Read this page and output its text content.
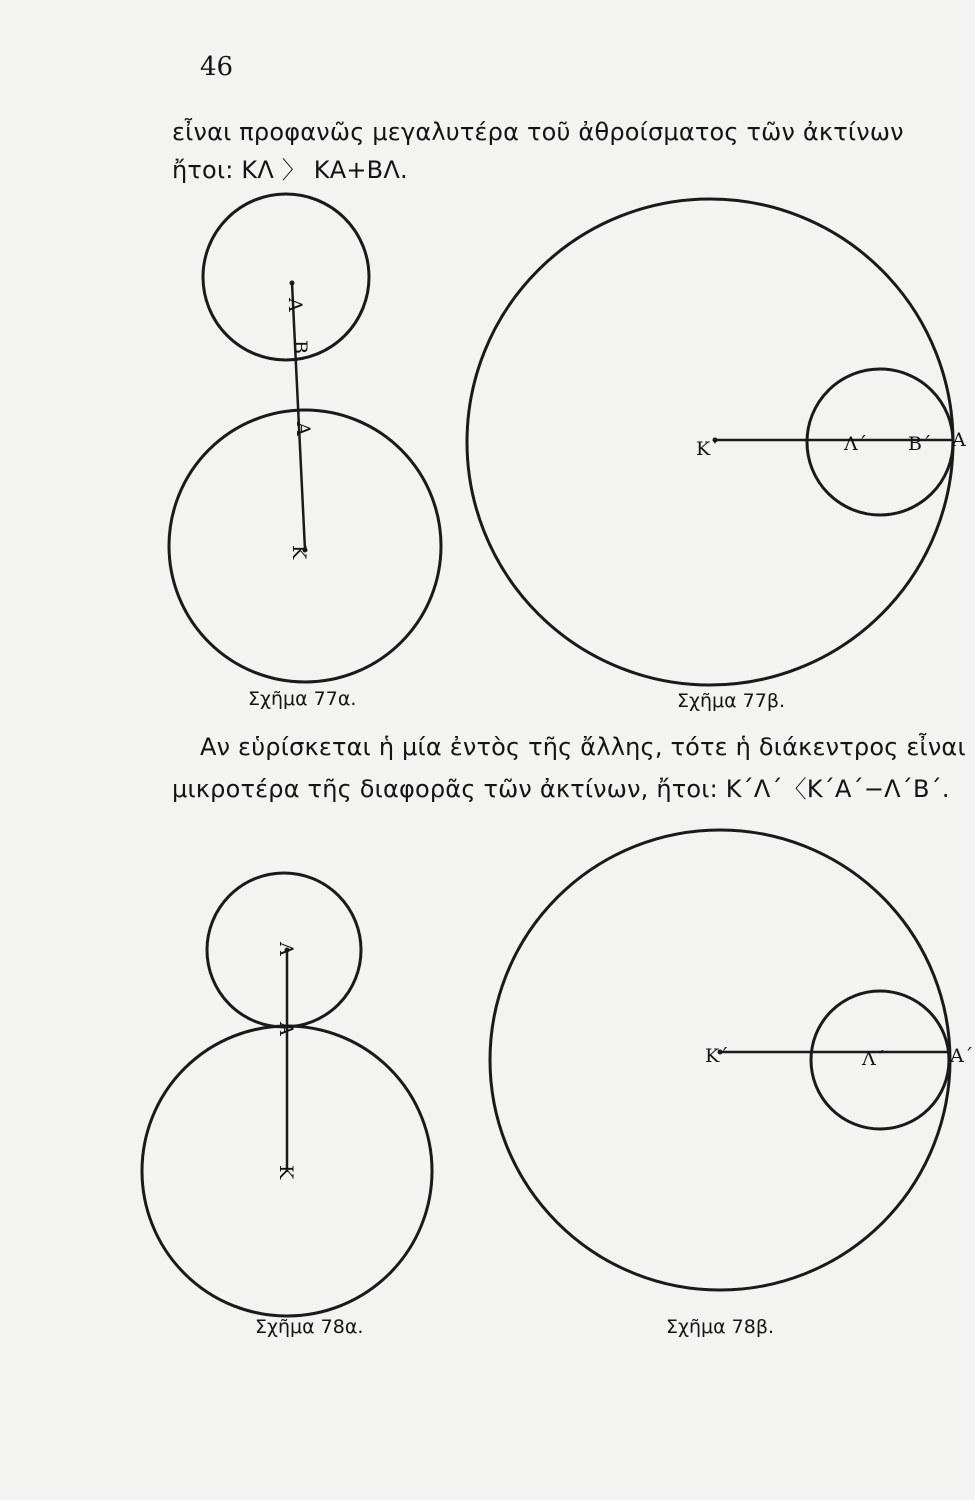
46
εἶναι προφανῶς μεγαλυτέρα τοῦ ἀθροίσματος τῶν ἀκτίνων
ἤτοι: ΚΛ 〉 ΚΑ+ΒΛ.
Αν εὑρίσκεται ἡ μία ἐντὸς τῆς ἄλλης, τότε ἡ διάκεντρος εἶναι
μικροτέρα τῆς διαφορᾶς τῶν ἀκτίνων, ἤτοι: Κ΄Λ΄〈Κ΄Α΄−Λ΄Β΄.
Λ
Β
Α
Κ
Κ΄	Λ΄ Β΄ Α
Λ
Α
Κ
Κ΄	Λ΄	Α΄
Σχῆμα 77α.	Σχῆμα 77β.
Σχῆμα 78α.	Σχῆμα 78β.
